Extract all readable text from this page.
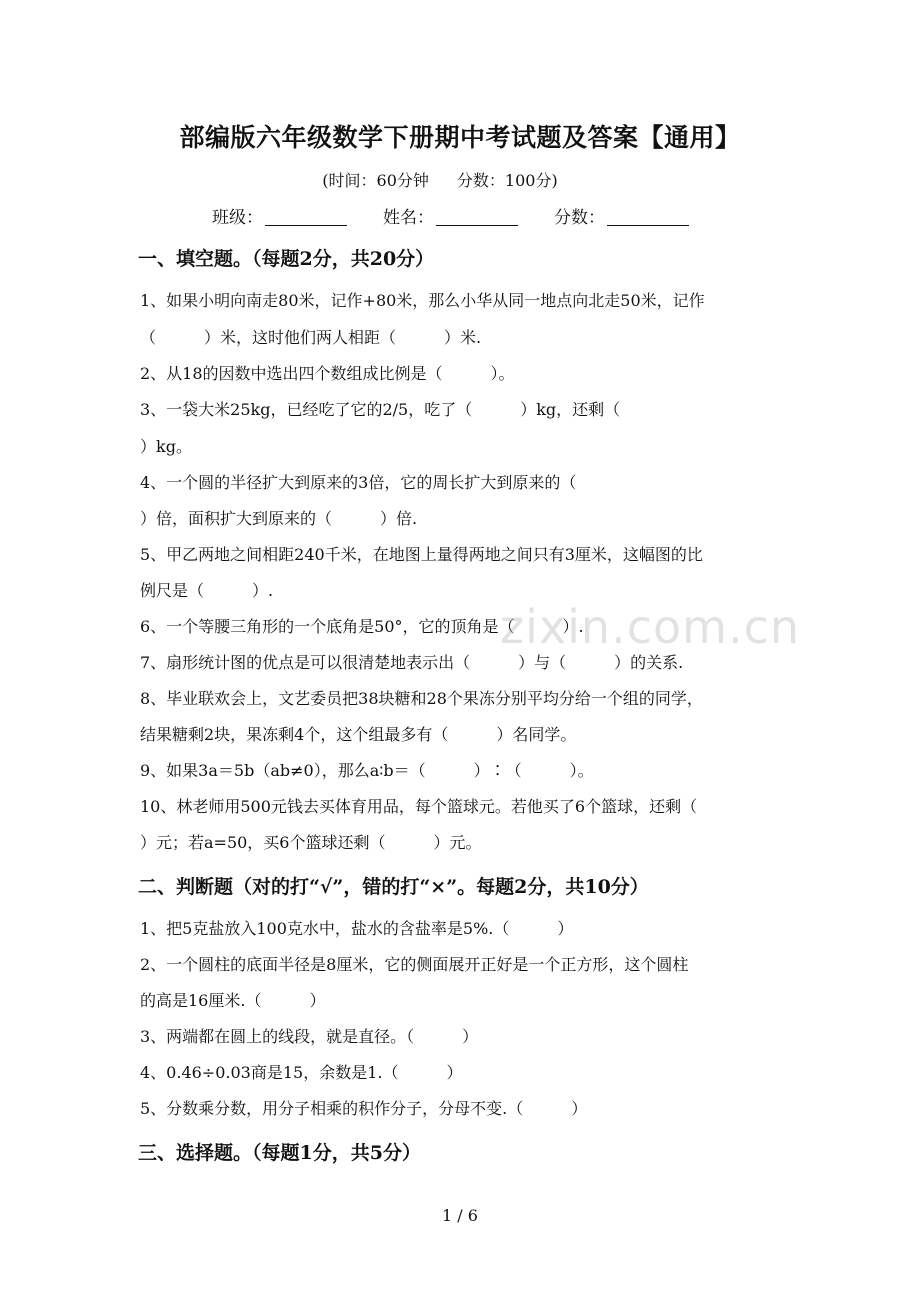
部编版六年级数学下册期中考试题及答案【通用】
(时间：60分钟 分数：100分)
班级：	姓名：	分数：
一、填空题。（每题2分，共20分）
1、如果小明向南走80米，记作+80米，那么小华从同一地点向北走50米，记作
（　　　）米，这时他们两人相距（　　　）米.
2、从18的因数中选出四个数组成比例是（　　　）。
3、一袋大米25kg，已经吃了它的2/5，吃了（　　　）kg，还剩（
）kg。
4、一个圆的半径扩大到原来的3倍，它的周长扩大到原来的（
）倍，面积扩大到原来的（　　　）倍.
5、甲乙两地之间相距240千米，在地图上量得两地之间只有3厘米，这幅图的比
例尺是（　　　）.
6、一个等腰三角形的一个底角是50°，它的顶角是（　　　）.
7、扇形统计图的优点是可以很清楚地表示出（　　　）与（　　　）的关系.
8、毕业联欢会上，文艺委员把38块糖和28个果冻分别平均分给一个组的同学，
结果糖剩2块，果冻剩4个，这个组最多有（　　　）名同学。
9、如果3a＝5b（ab≠0），那么a∶b＝（　　　）∶（　　　）。
10、林老师用500元钱去买体育用品，每个篮球元。若他买了6个篮球，还剩（
）元；若a=50，买6个篮球还剩（　　　）元。
二、判断题（对的打“√”，错的打“×”。每题2分，共10分）
1、把5克盐放入100克水中，盐水的含盐率是5%.（　　　）
2、一个圆柱的底面半径是8厘米，它的侧面展开正好是一个正方形，这个圆柱
的高是16厘米.（　　　）
3、两端都在圆上的线段，就是直径。（　　　）
4、0.46÷0.03商是15，余数是1.（　　　）
5、分数乘分数，用分子相乘的积作分子，分母不变.（　　　）
三、选择题。（每题1分，共5分）
zixin.com.cn
1 / 6
